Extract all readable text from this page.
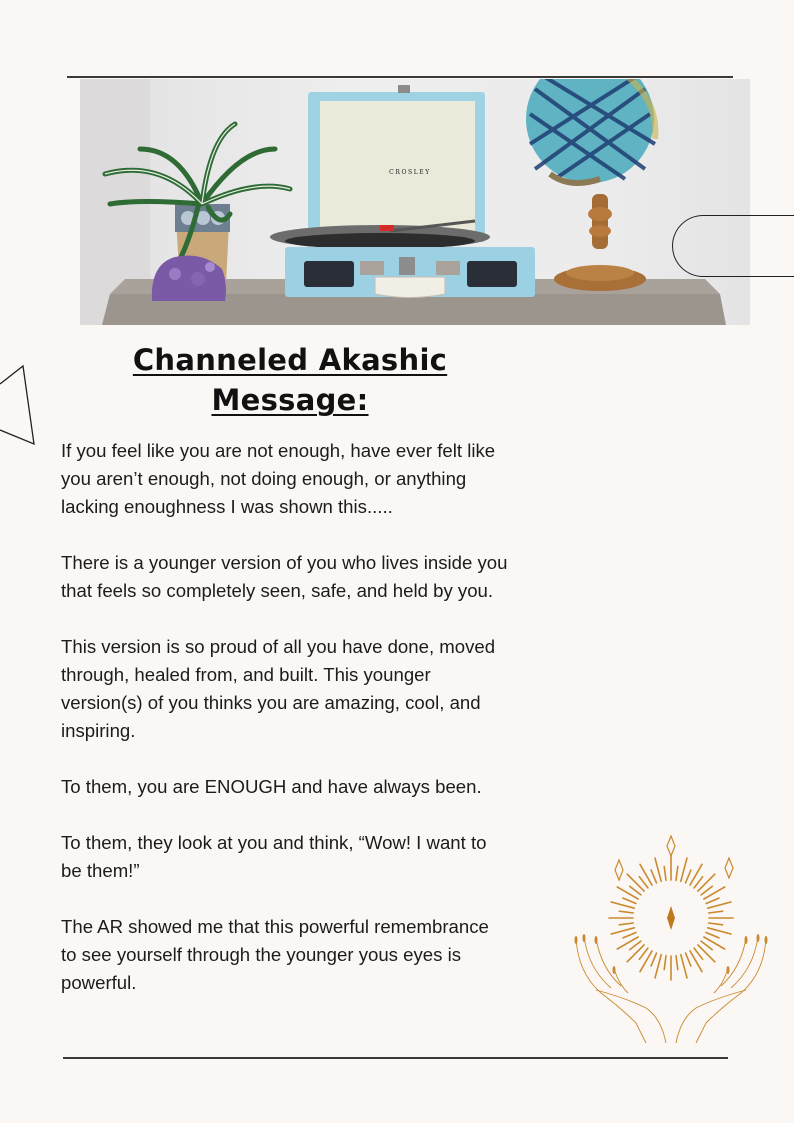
CROSLEY
Channeled Akashic
Message:

If you feel like you are not enough, have ever felt like
you aren’t enough, not doing enough, or anything
lacking enoughness I was shown this.....

There is a younger version of you who lives inside you
that feels so completely seen, safe, and held by you.

This version is so proud of all you have done, moved
through, healed from, and built. This younger
version(s) of you thinks you are amazing, cool, and
inspiring.

To them, you are ENOUGH and have always been.

To them, they look at you and think, “Wow! I want to
be them!”

The AR showed me that this powerful remembrance
to see yourself through the younger yous eyes is
powerful.
